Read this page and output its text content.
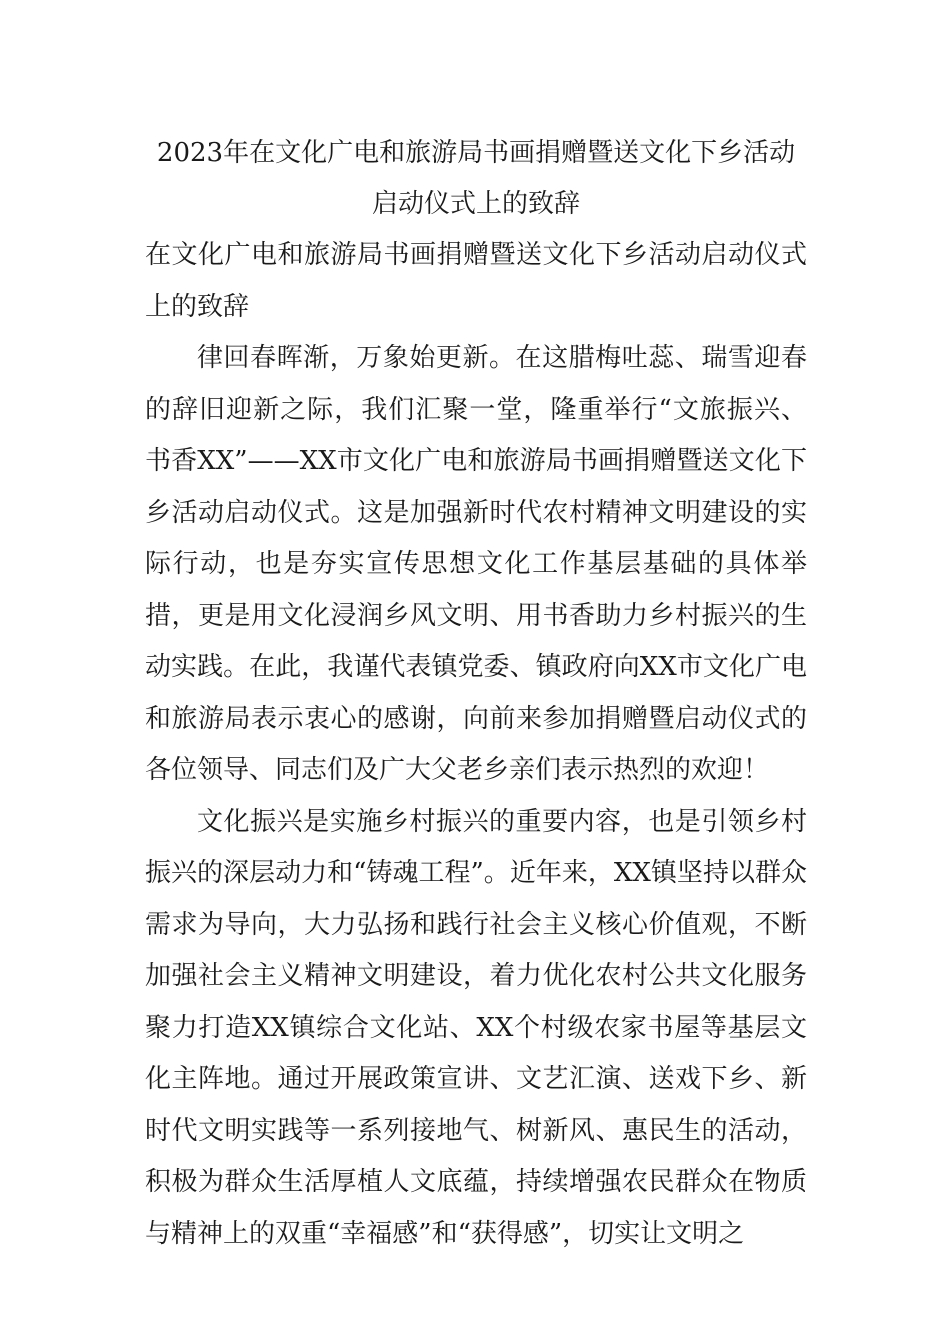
2023年在文化广电和旅游局书画捐赠暨送文化下乡活动启动仪式上的致辞

在文化广电和旅游局书画捐赠暨送文化下乡活动启动仪式上的致辞

律回春晖渐，万象始更新。在这腊梅吐蕊、瑞雪迎春的辞旧迎新之际，我们汇聚一堂，隆重举行“文旅振兴、书香XX”——XX市文化广电和旅游局书画捐赠暨送文化下乡活动启动仪式。这是加强新时代农村精神文明建设的实际行动，也是夯实宣传思想文化工作基层基础的具体举措，更是用文化浸润乡风文明、用书香助力乡村振兴的生动实践。在此，我谨代表镇党委、镇政府向XX市文化广电和旅游局表示衷心的感谢，向前来参加捐赠暨启动仪式的各位领导、同志们及广大父老乡亲们表示热烈的欢迎！

文化振兴是实施乡村振兴的重要内容，也是引领乡村振兴的深层动力和“铸魂工程”。近年来，XX镇坚持以群众需求为导向，大力弘扬和践行社会主义核心价值观，不断加强社会主义精神文明建设，着力优化农村公共文化服务聚力打造XX镇综合文化站、XX个村级农家书屋等基层文化主阵地。通过开展政策宣讲、文艺汇演、送戏下乡、新时代文明实践等一系列接地气、树新风、惠民生的活动，积极为群众生活厚植人文底蕴，持续增强农民群众在物质与精神上的双重“幸福感”和“获得感”，切实让文明之
